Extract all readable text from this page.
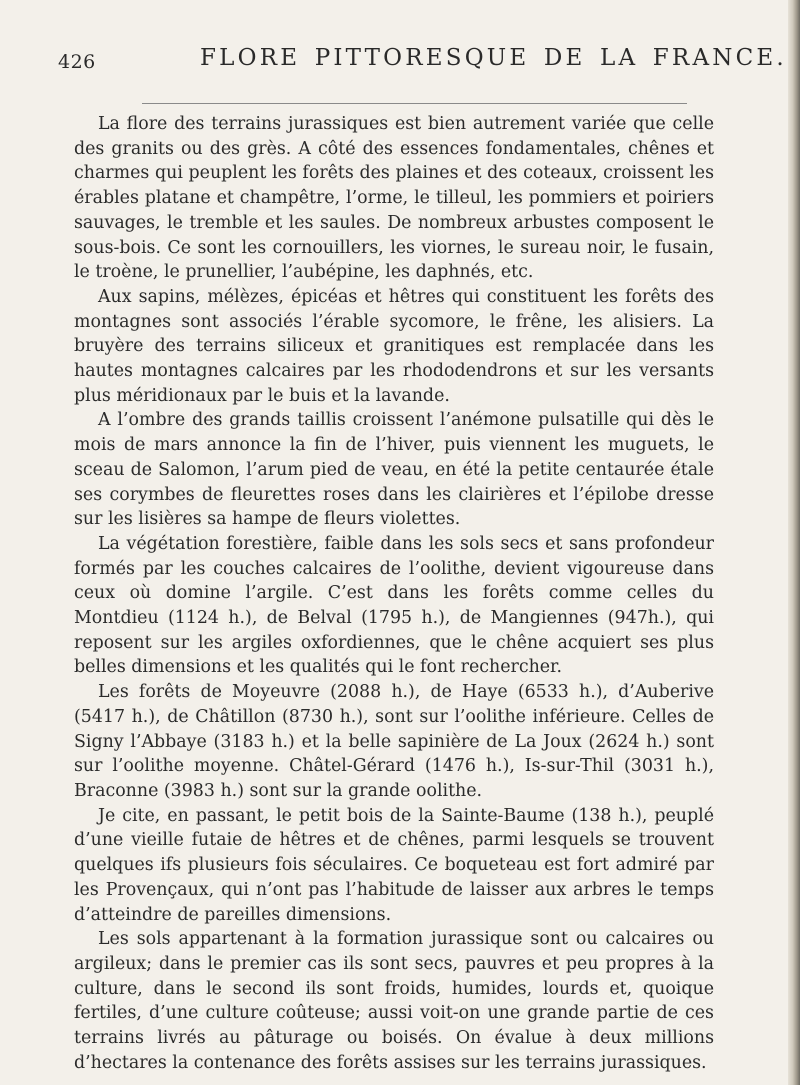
426	FLORE PITTORESQUE DE LA FRANCE.

La flore des terrains jurassiques est bien autrement variée que celle des granits ou des grès. A côté des essences fondamentales, chênes et charmes qui peuplent les forêts des plaines et des coteaux, croissent les érables platane et champêtre, l’orme, le tilleul, les pommiers et poiriers sauvages, le tremble et les saules. De nombreux arbustes composent le sous-bois. Ce sont les cornouillers, les viornes, le sureau noir, le fusain, le troène, le prunellier, l’aubépine, les daphnés, etc.

Aux sapins, mélèzes, épicéas et hêtres qui constituent les forêts des montagnes sont associés l’érable sycomore, le frêne, les alisiers. La bruyère des terrains siliceux et granitiques est remplacée dans les hautes montagnes calcaires par les rhododendrons et sur les versants plus méridionaux par le buis et la lavande.

A l’ombre des grands taillis croissent l’anémone pulsatille qui dès le mois de mars annonce la fin de l’hiver, puis viennent les muguets, le sceau de Salomon, l’arum pied de veau, en été la petite centaurée étale ses corymbes de fleurettes roses dans les clairières et l’épilobe dresse sur les lisières sa hampe de fleurs violettes.

La végétation forestière, faible dans les sols secs et sans profondeur formés par les couches calcaires de l’oolithe, devient vigoureuse dans ceux où domine l’argile. C’est dans les forêts comme celles du Montdieu (1124 h.), de Belval (1795 h.), de Mangiennes (947h.), qui reposent sur les argiles oxfordiennes, que le chêne acquiert ses plus belles dimensions et les qualités qui le font rechercher.

Les forêts de Moyeuvre (2088 h.), de Haye (6533 h.), d’Auberive (5417 h.), de Châtillon (8730 h.), sont sur l’oolithe inférieure. Celles de Signy l’Abbaye (3183 h.) et la belle sapinière de La Joux (2624 h.) sont sur l’oolithe moyenne. Châtel-Gérard (1476 h.), Is-sur-Thil (3031 h.), Braconne (3983 h.) sont sur la grande oolithe.

Je cite, en passant, le petit bois de la Sainte-Baume (138 h.), peuplé d’une vieille futaie de hêtres et de chênes, parmi lesquels se trouvent quelques ifs plusieurs fois séculaires. Ce boqueteau est fort admiré par les Provençaux, qui n’ont pas l’habitude de laisser aux arbres le temps d’atteindre de pareilles dimensions.

Les sols appartenant à la formation jurassique sont ou calcaires ou argileux; dans le premier cas ils sont secs, pauvres et peu propres à la culture, dans le second ils sont froids, humides, lourds et, quoique fertiles, d’une culture coûteuse; aussi voit-on une grande partie de ces terrains livrés au pâturage ou boisés. On évalue à deux millions d’hectares la contenance des forêts assises sur les terrains jurassiques.
